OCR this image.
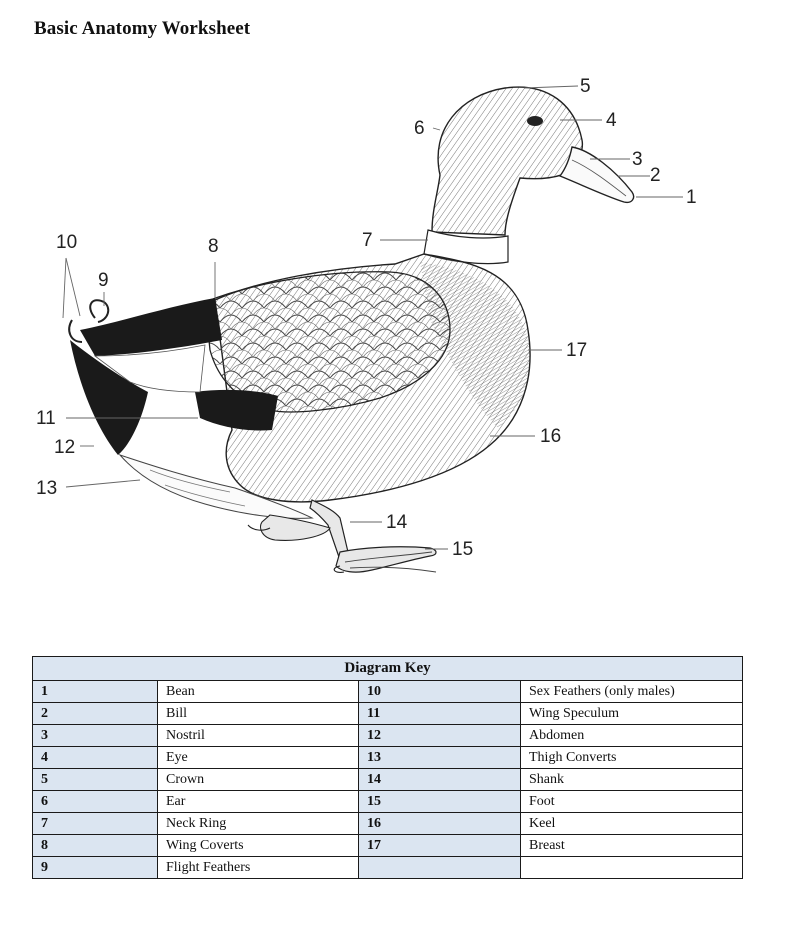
Basic Anatomy Worksheet
1
2
3
4
5
6
7
8
9
10
11
12
13
14
15
16
17
Diagram Key			
1	Bean	10	Sex Feathers (only males)
2	Bill	11	Wing Speculum
3	Nostril	12	Abdomen
4	Eye	13	Thigh Converts
5	Crown	14	Shank
6	Ear	15	Foot
7	Neck Ring	16	Keel
8	Wing Coverts	17	Breast
9	Flight Feathers		
